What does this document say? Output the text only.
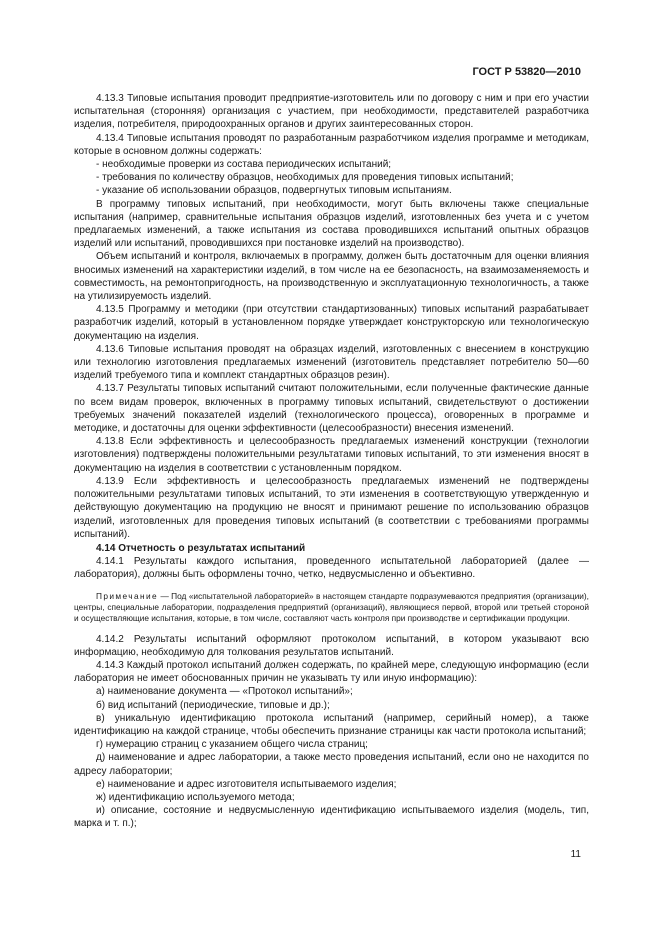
ГОСТ Р 53820—2010

4.13.3 Типовые испытания проводит предприятие-изготовитель или по договору с ним и при его участии испытательная (сторонняя) организация с участием, при необходимости, представителей разработчика изделия, потребителя, природоохранных органов и других заинтересованных сторон.

4.13.4 Типовые испытания проводят по разработанным разработчиком изделия программе и методикам, которые в основном должны содержать:

- необходимые проверки из состава периодических испытаний;

- требования по количеству образцов, необходимых для проведения типовых испытаний;

- указание об использовании образцов, подвергнутых типовым испытаниям.

В программу типовых испытаний, при необходимости, могут быть включены также специальные испытания (например, сравнительные испытания образцов изделий, изготовленных без учета и с учетом предлагаемых изменений, а также испытания из состава проводившихся испытаний опытных образцов изделий или испытаний, проводившихся при постановке изделий на производство).

Объем испытаний и контроля, включаемых в программу, должен быть достаточным для оценки влияния вносимых изменений на характеристики изделий, в том числе на ее безопасность, на взаимозаменяемость и совместимость, на ремонтопригодность, на производственную и эксплуатационную технологичность, а также на утилизируемость изделий.

4.13.5 Программу и методики (при отсутствии стандартизованных) типовых испытаний разрабатывает разработчик изделий, который в установленном порядке утверждает конструкторскую или технологическую документацию на изделия.

4.13.6 Типовые испытания проводят на образцах изделий, изготовленных с внесением в конструкцию или технологию изготовления предлагаемых изменений (изготовитель представляет потребителю 50—60 изделий требуемого типа и комплект стандартных образцов резин).

4.13.7 Результаты типовых испытаний считают положительными, если полученные фактические данные по всем видам проверок, включенных в программу типовых испытаний, свидетельствуют о достижении требуемых значений показателей изделий (технологического процесса), оговоренных в программе и методике, и достаточны для оценки эффективности (целесообразности) внесения изменений.

4.13.8 Если эффективность и целесообразность предлагаемых изменений конструкции (технологии изготовления) подтверждены положительными результатами типовых испытаний, то эти изменения вносят в документацию на изделия в соответствии с установленным порядком.

4.13.9 Если эффективность и целесообразность предлагаемых изменений не подтверждены положительными результатами типовых испытаний, то эти изменения в соответствующую утвержденную и действующую документацию на продукцию не вносят и принимают решение по использованию образцов изделий, изготовленных для проведения типовых испытаний (в соответствии с требованиями программы испытаний).

4.14 Отчетность о результатах испытаний

4.14.1 Результаты каждого испытания, проведенного испытательной лабораторией (далее — лаборатория), должны быть оформлены точно, четко, недвусмысленно и объективно.

Примечание — Под «испытательной лабораторией» в настоящем стандарте подразумеваются предприятия (организации), центры, специальные лаборатории, подразделения предприятий (организаций), являющиеся первой, второй или третьей стороной и осуществляющие испытания, которые, в том числе, составляют часть контроля при производстве и сертификации продукции.

4.14.2 Результаты испытаний оформляют протоколом испытаний, в котором указывают всю информацию, необходимую для толкования результатов испытаний.

4.14.3 Каждый протокол испытаний должен содержать, по крайней мере, следующую информацию (если лаборатория не имеет обоснованных причин не указывать ту или иную информацию):

а) наименование документа — «Протокол испытаний»;

б) вид испытаний (периодические, типовые и др.);

в) уникальную идентификацию протокола испытаний (например, серийный номер), а также идентификацию на каждой странице, чтобы обеспечить признание страницы как части протокола испытаний;

г) нумерацию страниц с указанием общего числа страниц;

д) наименование и адрес лаборатории, а также место проведения испытаний, если оно не находится по адресу лаборатории;

е) наименование и адрес изготовителя испытываемого изделия;

ж) идентификацию используемого метода;

и) описание, состояние и недвусмысленную идентификацию испытываемого изделия (модель, тип, марка и т. п.);

11
